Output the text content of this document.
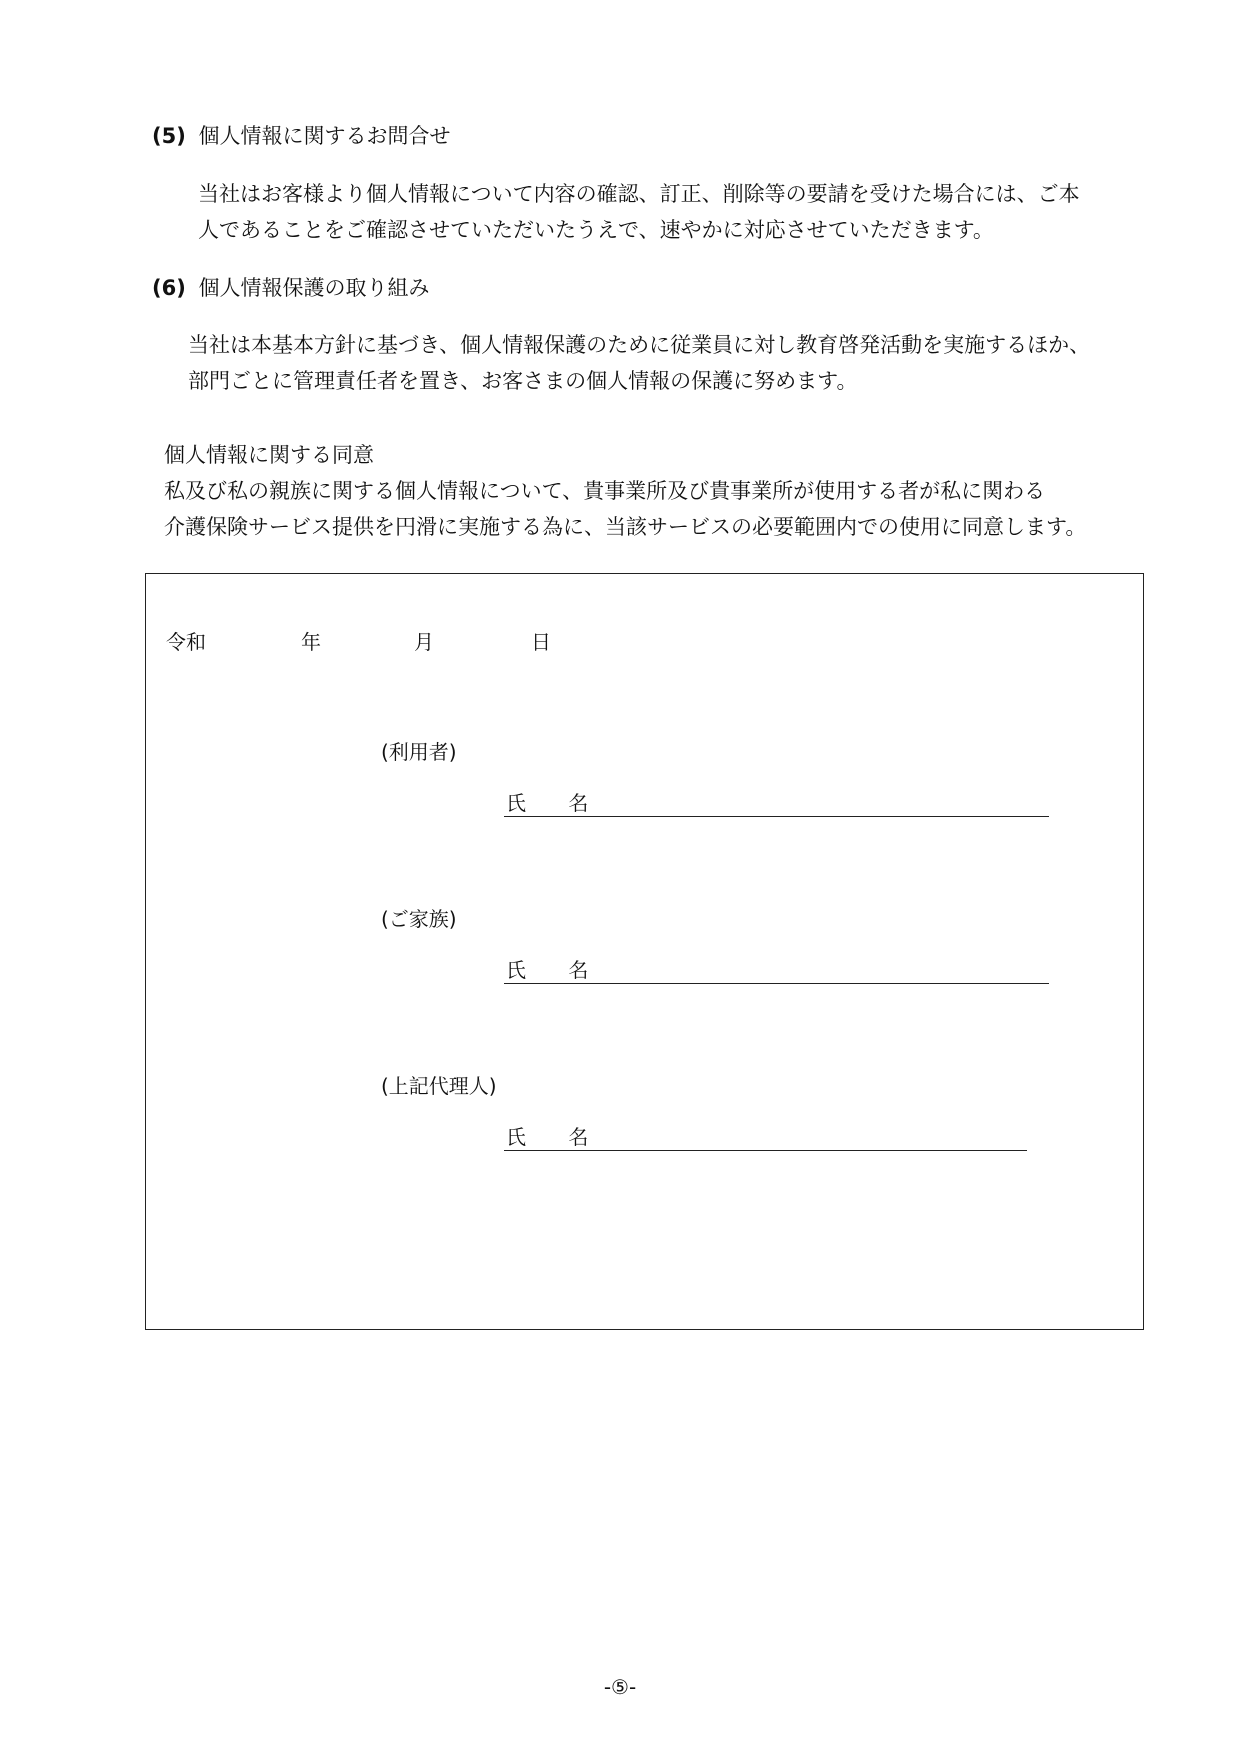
(5) 個人情報に関するお問合せ
当社はお客様より個人情報について内容の確認、訂正、削除等の要請を受けた場合には、ご本
人であることをご確認させていただいたうえで、速やかに対応させていただきます。
(6) 個人情報保護の取り組み
当社は本基本方針に基づき、個人情報保護のために従業員に対し教育啓発活動を実施するほか、
部門ごとに管理責任者を置き、お客さまの個人情報の保護に努めます。
個人情報に関する同意
私及び私の親族に関する個人情報について、貴事業所及び貴事業所が使用する者が私に関わる
介護保険サービス提供を円滑に実施する為に、当該サービスの必要範囲内での使用に同意します。
令和	年	月	日
(利用者)
氏 名
(ご家族)
氏 名
(上記代理人)
氏 名
-⑤-
